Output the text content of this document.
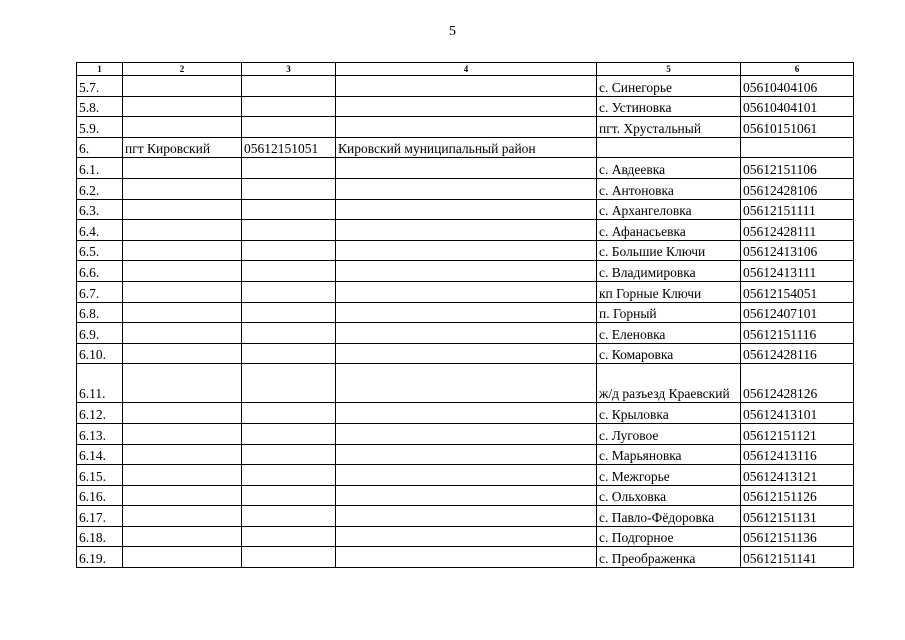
5
1	2	3	4	5	6
5.7.				с. Синегорье	05610404106
5.8.				с. Устиновка	05610404101
5.9.				пгт. Хрустальный	05610151061
6.	пгт Кировский	05612151051	Кировский муниципальный район		
6.1.				с. Авдеевка	05612151106
6.2.				с. Антоновка	05612428106
6.3.				с. Архангеловка	05612151111
6.4.				с. Афанасьевка	05612428111
6.5.				с. Большие Ключи	05612413106
6.6.				с. Владимировка	05612413111
6.7.				кп Горные Ключи	05612154051
6.8.				п. Горный	05612407101
6.9.				с. Еленовка	05612151116
6.10.				с. Комаровка	05612428116
6.11.				ж/д разъезд Краевский	05612428126
6.12.				с. Крыловка	05612413101
6.13.				с. Луговое	05612151121
6.14.				с. Марьяновка	05612413116
6.15.				с. Межгорье	05612413121
6.16.				с. Ольховка	05612151126
6.17.				с. Павло-Фёдоровка	05612151131
6.18.				с. Подгорное	05612151136
6.19.				с. Преображенка	05612151141
